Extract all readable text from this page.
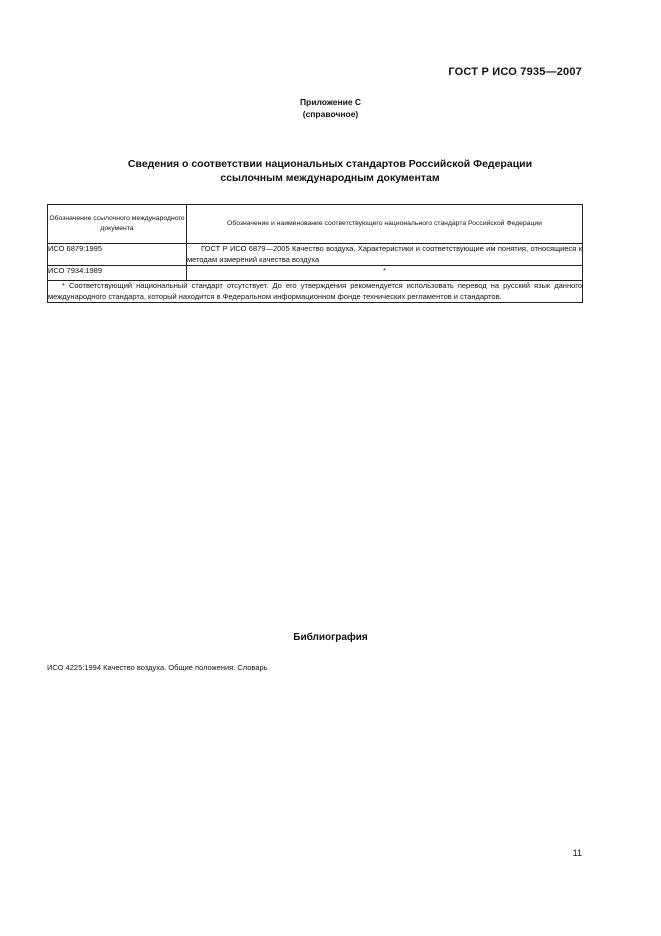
ГОСТ Р ИСО 7935—2007
Приложение С
(справочное)
Сведения о соответствии национальных стандартов Российской Федерации
ссылочным международным документам
Обозначение ссылочного международного документа	Обозначение и наименование соответствующего национального стандарта Российской Федерации
ИСО 6879:1995	ГОСТ Р ИСО 6879—2005 Качество воздуха. Характеристики и соответствующие им понятия, относящиеся к методам измерений качества воздуха
ИСО 7934:1989	*
* Соответствующий национальный стандарт отсутствует. До его утверждения рекомендуется использовать перевод на русский язык данного международного стандарта, который находится в Федеральном информационном фонде технических регламентов и стандартов.	
Библиография
ИСО 4225:1994 Качество воздуха. Общие положения. Словарь
11
